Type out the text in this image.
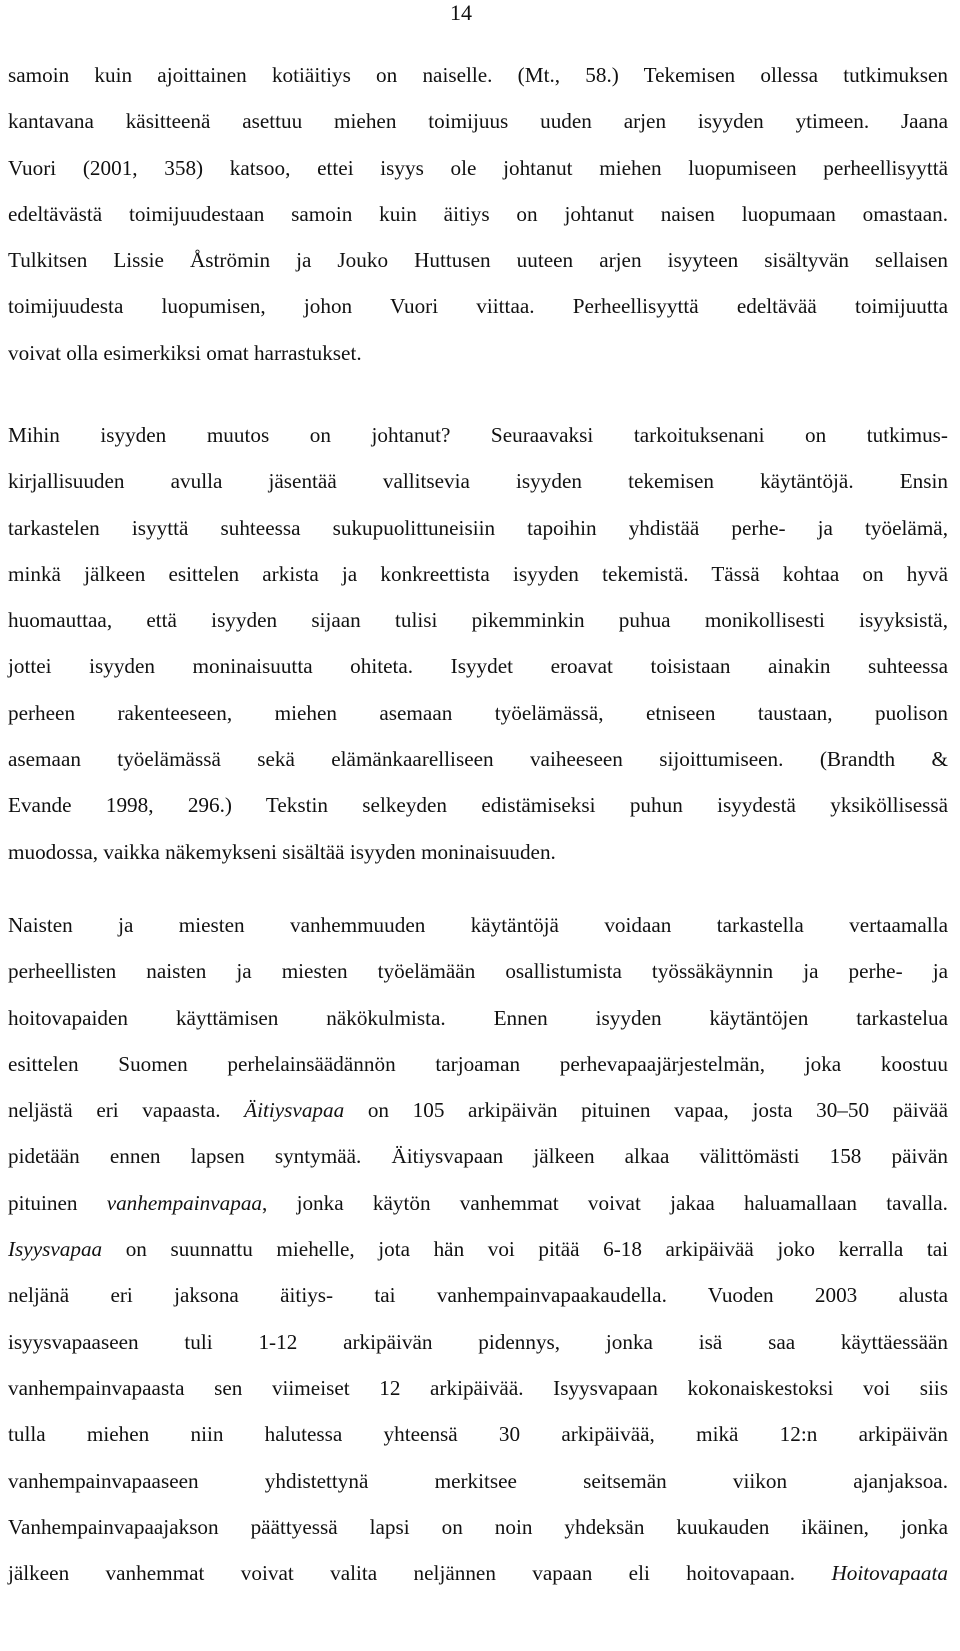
14
samoin kuin ajoittainen kotiäitiys on naiselle. (Mt., 58.) Tekemisen ollessa tutkimuksen
kantavana käsitteenä asettuu miehen toimijuus uuden arjen isyyden ytimeen. Jaana
Vuori (2001, 358) katsoo, ettei isyys ole johtanut miehen luopumiseen perheellisyyttä
edeltävästä toimijuudestaan samoin kuin äitiys on johtanut naisen luopumaan omastaan.
Tulkitsen Lissie Åströmin ja Jouko Huttusen uuteen arjen isyyteen sisältyvän sellaisen
toimijuudesta luopumisen, johon Vuori viittaa. Perheellisyyttä edeltävää toimijuutta
voivat olla esimerkiksi omat harrastukset.
Mihin isyyden muutos on johtanut? Seuraavaksi tarkoituksenani on tutkimus-
kirjallisuuden avulla jäsentää vallitsevia isyyden tekemisen käytäntöjä. Ensin
tarkastelen isyyttä suhteessa sukupuolittuneisiin tapoihin yhdistää perhe- ja työelämä,
minkä jälkeen esittelen arkista ja konkreettista isyyden tekemistä. Tässä kohtaa on hyvä
huomauttaa, että isyyden sijaan tulisi pikemminkin puhua monikollisesti isyyksistä,
jottei isyyden moninaisuutta ohiteta. Isyydet eroavat toisistaan ainakin suhteessa
perheen rakenteeseen, miehen asemaan työelämässä, etniseen taustaan, puolison
asemaan työelämässä sekä elämänkaarelliseen vaiheeseen sijoittumiseen. (Brandth &
Evande 1998, 296.) Tekstin selkeyden edistämiseksi puhun isyydestä yksiköllisessä
muodossa, vaikka näkemykseni sisältää isyyden moninaisuuden.
Naisten ja miesten vanhemmuuden käytäntöjä voidaan tarkastella vertaamalla
perheellisten naisten ja miesten työelämään osallistumista työssäkäynnin ja perhe- ja
hoitovapaiden käyttämisen näkökulmista. Ennen isyyden käytäntöjen tarkastelua
esittelen Suomen perhelainsäädännön tarjoaman perhevapaajärjestelmän, joka koostuu
neljästä eri vapaasta. Äitiysvapaa on 105 arkipäivän pituinen vapaa, josta 30–50 päivää
pidetään ennen lapsen syntymää. Äitiysvapaan jälkeen alkaa välittömästi 158 päivän
pituinen vanhempainvapaa, jonka käytön vanhemmat voivat jakaa haluamallaan tavalla.
Isyysvapaa on suunnattu miehelle, jota hän voi pitää 6-18 arkipäivää joko kerralla tai
neljänä eri jaksona äitiys- tai vanhempainvapaakaudella. Vuoden 2003 alusta
isyysvapaaseen tuli 1-12 arkipäivän pidennys, jonka isä saa käyttäessään
vanhempainvapaasta sen viimeiset 12 arkipäivää. Isyysvapaan kokonaiskestoksi voi siis
tulla miehen niin halutessa yhteensä 30 arkipäivää, mikä 12:n arkipäivän
vanhempainvapaaseen yhdistettynä merkitsee seitsemän viikon ajanjaksoa.
Vanhempainvapaajakson päättyessä lapsi on noin yhdeksän kuukauden ikäinen, jonka
jälkeen vanhemmat voivat valita neljännen vapaan eli hoitovapaan. Hoitovapaata
